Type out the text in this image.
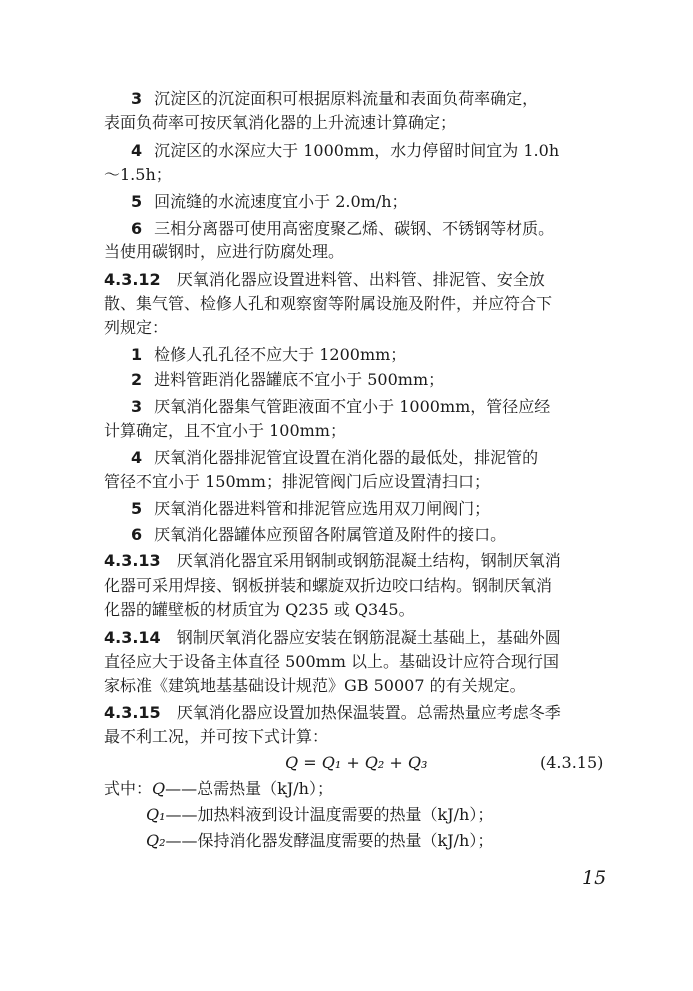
3 沉淀区的沉淀面积可根据原料流量和表面负荷率确定，
表面负荷率可按厌氧消化器的上升流速计算确定；
4 沉淀区的水深应大于 1000mm，水力停留时间宜为 1.0h
～1.5h；
5 回流缝的水流速度宜小于 2.0m/h；
6 三相分离器可使用高密度聚乙烯、碳钢、不锈钢等材质。
当使用碳钢时，应进行防腐处理。
4.3.12 厌氧消化器应设置进料管、出料管、排泥管、安全放
散、集气管、检修人孔和观察窗等附属设施及附件，并应符合下
列规定：
1 检修人孔孔径不应大于 1200mm；
2 进料管距消化器罐底不宜小于 500mm；
3 厌氧消化器集气管距液面不宜小于 1000mm，管径应经
计算确定，且不宜小于 100mm；
4 厌氧消化器排泥管宜设置在消化器的最低处，排泥管的
管径不宜小于 150mm；排泥管阀门后应设置清扫口；
5 厌氧消化器进料管和排泥管应选用双刀闸阀门；
6 厌氧消化器罐体应预留各附属管道及附件的接口。
4.3.13 厌氧消化器宜采用钢制或钢筋混凝土结构，钢制厌氧消
化器可采用焊接、钢板拼装和螺旋双折边咬口结构。钢制厌氧消
化器的罐壁板的材质宜为 Q235 或 Q345。
4.3.14 钢制厌氧消化器应安装在钢筋混凝土基础上，基础外圆
直径应大于设备主体直径 500mm 以上。基础设计应符合现行国
家标准《建筑地基基础设计规范》GB 50007 的有关规定。
4.3.15 厌氧消化器应设置加热保温装置。总需热量应考虑冬季
最不利工况，并可按下式计算：
Q = Q₁ + Q₂ + Q₃	(4.3.15)
式中：Q——总需热量（kJ/h）；
Q₁——加热料液到设计温度需要的热量（kJ/h）；
Q₂——保持消化器发酵温度需要的热量（kJ/h）；
15
